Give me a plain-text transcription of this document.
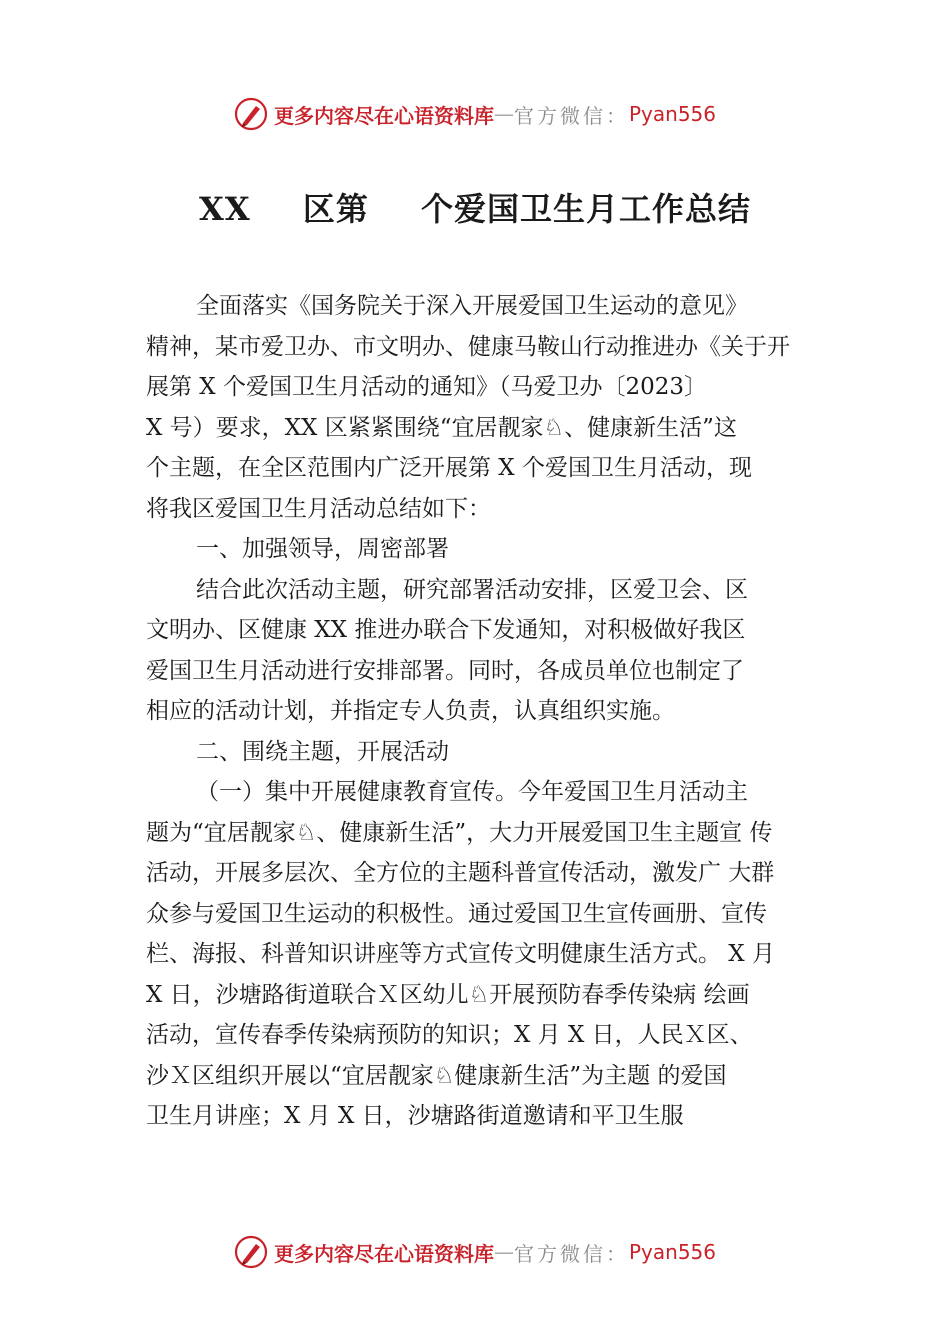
更多内容尽在心语资料库 — 官方微信： Pyan556
XX 区第 个爱国卫生月工作总结

全面落实《国务院关于深入开展爱国卫生运动的意见》

精神，某市爱卫办、市文明办、健康马鞍山行动推进办《关于开

展第 X 个爱国卫生月活动的通知》（马爱卫办〔2023〕

X 号）要求，XX 区紧紧围绕“宜居靓家♘、健康新生活”这

个主题，在全区范围内广泛开展第 X 个爱国卫生月活动，现

将我区爱国卫生月活动总结如下：

一、加强领导，周密部署

结合此次活动主题，研究部署活动安排，区爱卫会、区

文明办、区健康 XX 推进办联合下发通知，对积极做好我区

爱国卫生月活动进行安排部署。同时，各成员单位也制定了

相应的活动计划，并指定专人负责，认真组织实施。

二、围绕主题，开展活动

（一）集中开展健康教育宣传。今年爱国卫生月活动主

题为“宜居靓家♘、健康新生活”，大力开展爱国卫生主题宣 传

活动，开展多层次、全方位的主题科普宣传活动，激发广 大群

众参与爱国卫生运动的积极性。通过爱国卫生宣传画册、宣传

栏、海报、科普知识讲座等方式宣传文明健康生活方式。 X 月

X 日，沙塘路街道联合Ｘ区幼儿♘开展预防春季传染病 绘画

活动，宣传春季传染病预防的知识；X 月 X 日，人民Ｘ区、

沙Ｘ区组织开展以“宜居靓家♘健康新生活”为主题 的爱国

卫生月讲座；X 月 X 日，沙塘路街道邀请和平卫生服

更多内容尽在心语资料库 — 官方微信： Pyan556
